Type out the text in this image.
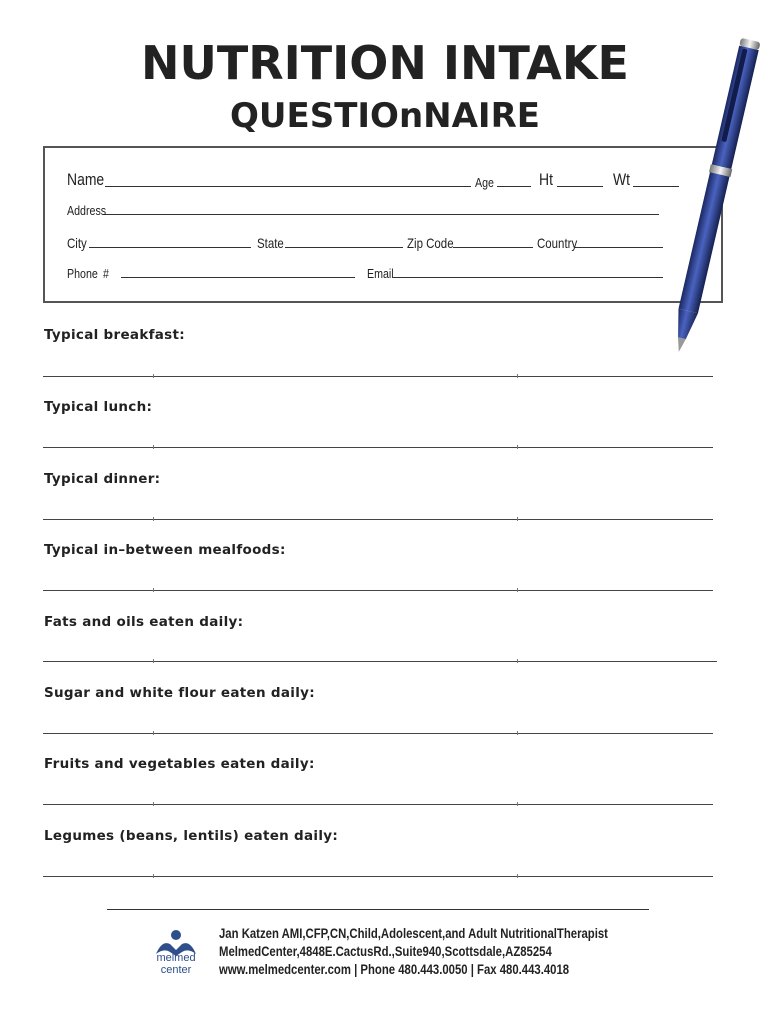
NUTRITION INTAKE
QUESTIOnNAIRE
Name	Age	Ht	Wt
Address
City	State	Zip Code	Country
Phone #	Email
Typical breakfast:
Typical lunch:
Typical dinner:
Typical in–between mealfoods:
Fats and oils eaten daily:
Sugar and white flour eaten daily:
Fruits and vegetables eaten daily:
Legumes (beans, lentils) eaten daily:
melmed
center
Jan Katzen AMI,CFP,CN,Child,Adolescent,and Adult NutritionalTherapist
MelmedCenter,4848E.CactusRd.,Suite940,Scottsdale,AZ85254
www.melmedcenter.com | Phone 480.443.0050 | Fax 480.443.4018
